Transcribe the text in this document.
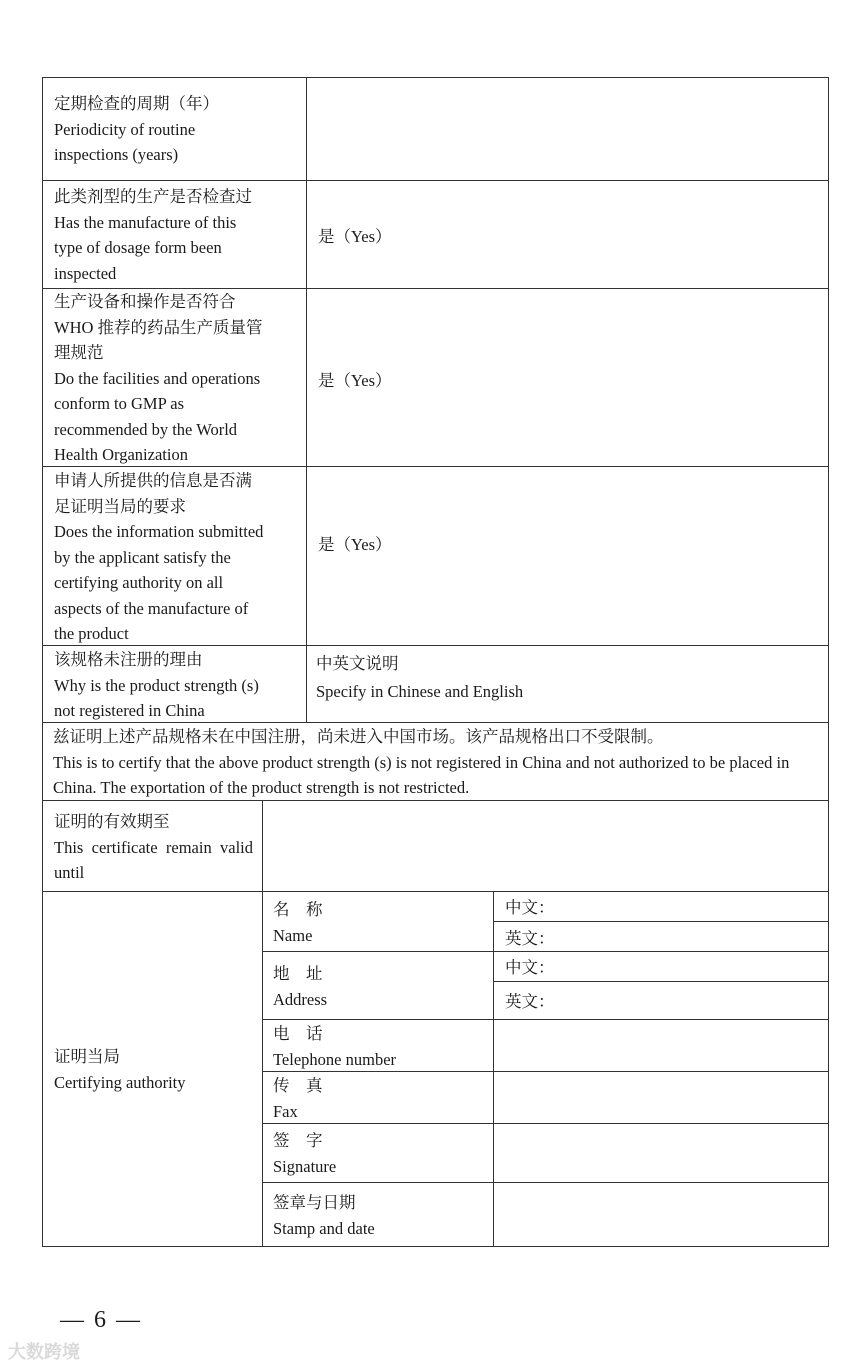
定期检查的周期（年）
Periodicity of routine
inspections (years)
此类剂型的生产是否检查过
Has the manufacture of this
type of dosage form been
inspected
是（Yes）
生产设备和操作是否符合
WHO 推荐的药品生产质量管
理规范
Do the facilities and operations
conform to GMP as
recommended by the World
Health Organization
是（Yes）
申请人所提供的信息是否满
足证明当局的要求
Does the information submitted
by the applicant satisfy the
certifying authority on all
aspects of the manufacture of
the product
是（Yes）
该规格未注册的理由
Why is the product strength (s)
not registered in China
中英文说明
Specify in Chinese and English
兹证明上述产品规格未在中国注册，尚未进入中国市场。该产品规格出口不受限制。
This is to certify that the above product strength (s) is not registered in China and not authorized to be placed in China. The exportation of the product strength is not restricted.
证明的有效期至
This certificate remain valid until
证明当局
Certifying authority
名　称
Name
中文：
英文：
地　址
Address
中文：
英文：
电　话
Telephone number
传　真
Fax
签　字
Signature
签章与日期
Stamp and date
— 6 —
大数跨境
